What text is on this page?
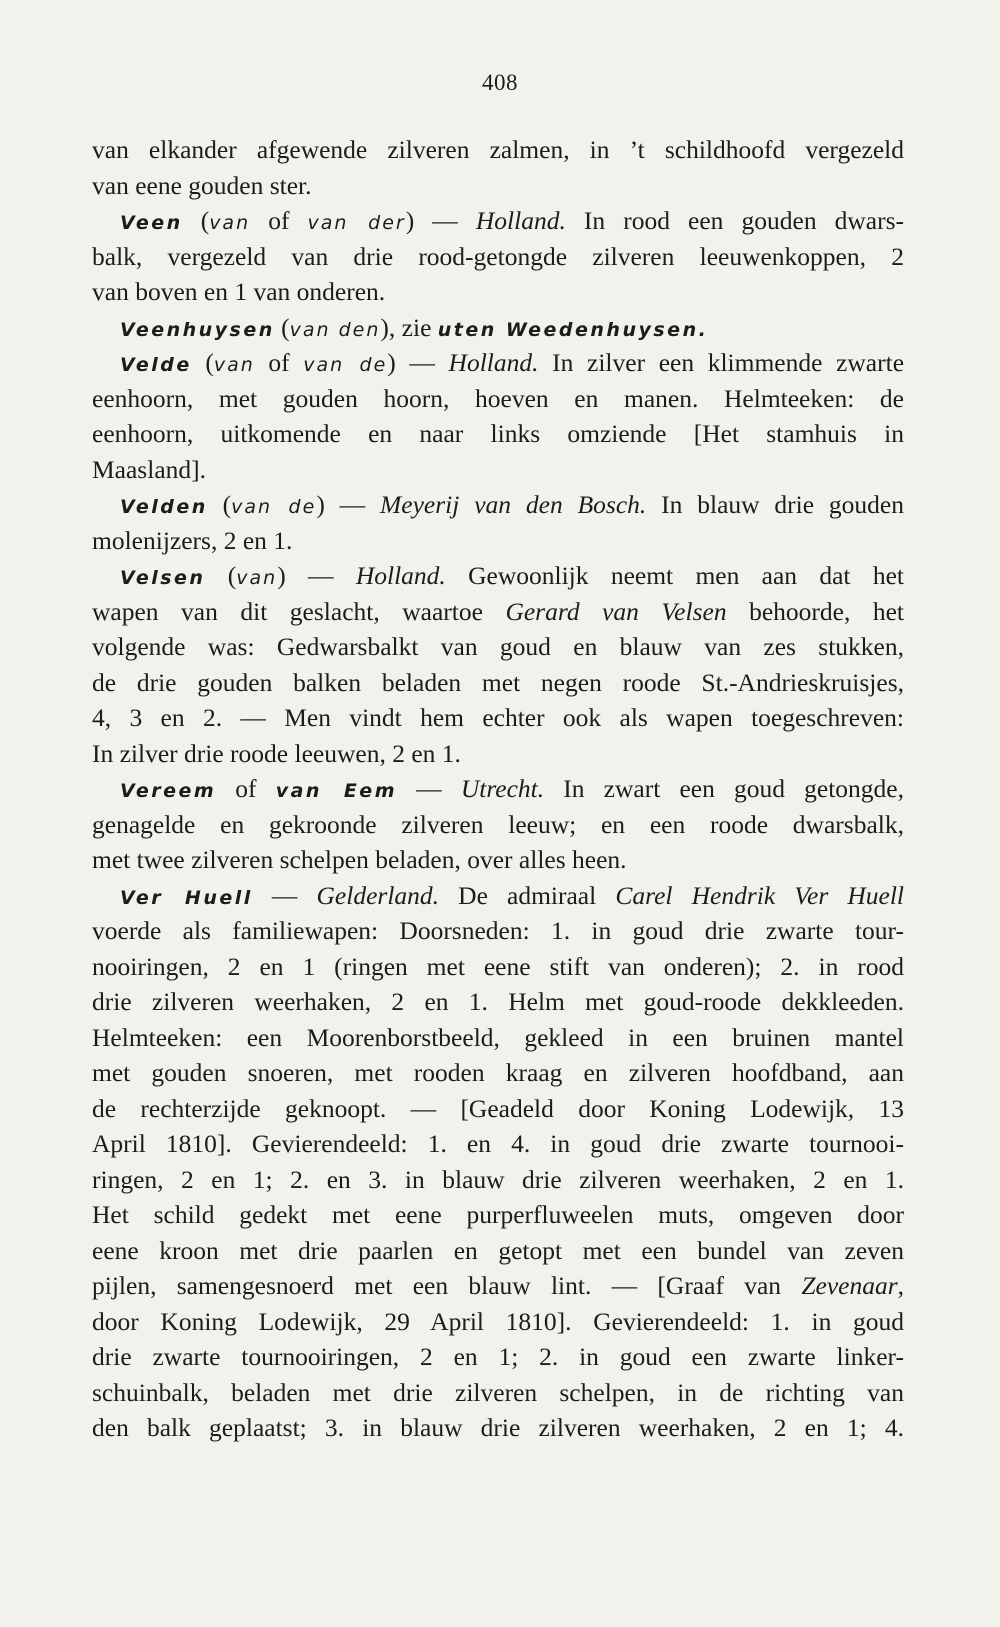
408
van elkander afgewende zilveren zalmen, in ’t schildhoofd vergezeld
van eene gouden ster.
Veen (van of van der) — Holland. In rood een gouden dwars-
balk, vergezeld van drie rood-getongde zilveren leeuwenkoppen, 2
van boven en 1 van onderen.
Veenhuysen (van den), zie uten Weedenhuysen.
Velde (van of van de) — Holland. In zilver een klimmende zwarte
eenhoorn, met gouden hoorn, hoeven en manen. Helmteeken: de
eenhoorn, uitkomende en naar links omziende [Het stamhuis in
Maasland].
Velden (van de) — Meyerij van den Bosch. In blauw drie gouden
molenijzers, 2 en 1.
Velsen (van) — Holland. Gewoonlijk neemt men aan dat het
wapen van dit geslacht, waartoe Gerard van Velsen behoorde, het
volgende was: Gedwarsbalkt van goud en blauw van zes stukken,
de drie gouden balken beladen met negen roode St.-Andrieskruisjes,
4, 3 en 2. — Men vindt hem echter ook als wapen toegeschreven:
In zilver drie roode leeuwen, 2 en 1.
Vereem of van Eem — Utrecht. In zwart een goud getongde,
genagelde en gekroonde zilveren leeuw; en een roode dwarsbalk,
met twee zilveren schelpen beladen, over alles heen.
Ver Huell — Gelderland. De admiraal Carel Hendrik Ver Huell
voerde als familiewapen: Doorsneden: 1. in goud drie zwarte tour-
nooiringen, 2 en 1 (ringen met eene stift van onderen); 2. in rood
drie zilveren weerhaken, 2 en 1. Helm met goud-roode dekkleeden.
Helmteeken: een Moorenborstbeeld, gekleed in een bruinen mantel
met gouden snoeren, met rooden kraag en zilveren hoofdband, aan
de rechterzijde geknoopt. — [Geadeld door Koning Lodewijk, 13
April 1810]. Gevierendeeld: 1. en 4. in goud drie zwarte tournooi-
ringen, 2 en 1; 2. en 3. in blauw drie zilveren weerhaken, 2 en 1.
Het schild gedekt met eene purperfluweelen muts, omgeven door
eene kroon met drie paarlen en getopt met een bundel van zeven
pijlen, samengesnoerd met een blauw lint. — [Graaf van Zevenaar,
door Koning Lodewijk, 29 April 1810]. Gevierendeeld: 1. in goud
drie zwarte tournooiringen, 2 en 1; 2. in goud een zwarte linker-
schuinbalk, beladen met drie zilveren schelpen, in de richting van
den balk geplaatst; 3. in blauw drie zilveren weerhaken, 2 en 1; 4.
